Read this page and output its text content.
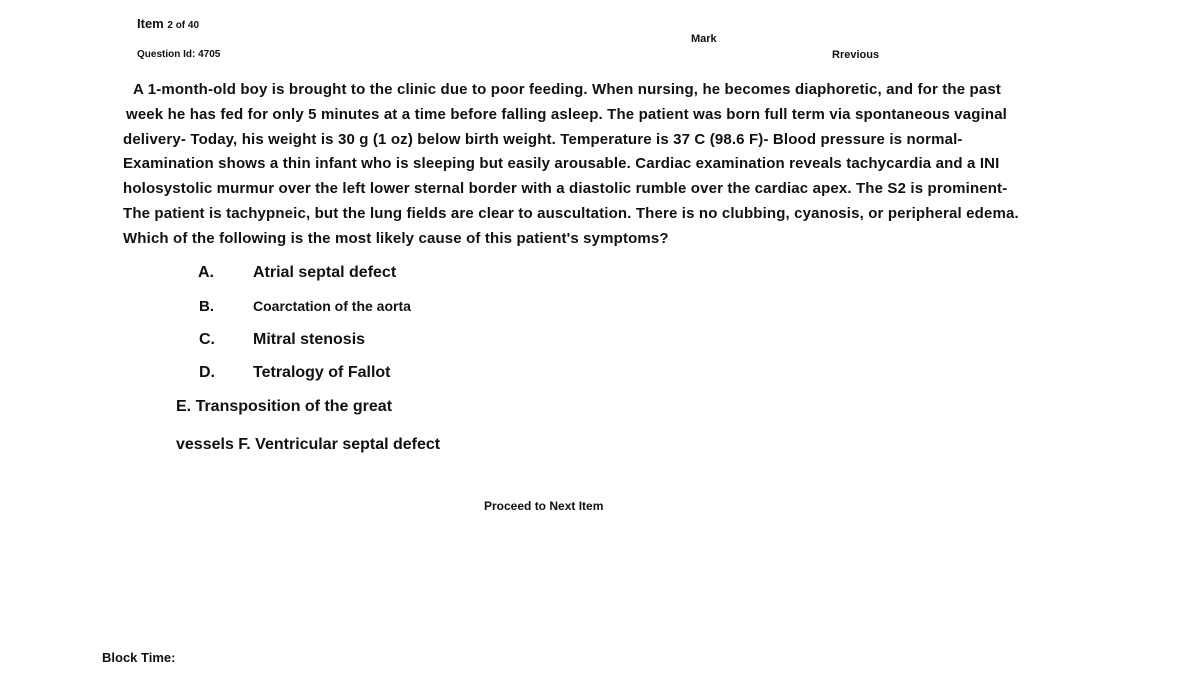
Item 2 of 40
Question Id: 4705
Mark
Rrevious
A 1-month-old boy is brought to the clinic due to poor feeding. When nursing, he becomes diaphoretic, and for the past
week he has fed for only 5 minutes at a time before falling asleep. The patient was born full term via spontaneous vaginal
delivery- Today, his weight is 30 g (1 oz) below birth weight. Temperature is 37 C (98.6 F)- Blood pressure is normal-
Examination shows a thin infant who is sleeping but easily arousable. Cardiac examination reveals tachycardia and a INI
holosystolic murmur over the left lower sternal border with a diastolic rumble over the cardiac apex. The S2 is prominent-
The patient is tachypneic, but the lung fields are clear to auscultation. There is no clubbing, cyanosis, or peripheral edema.
Which of the following is the most likely cause of this patient's symptoms?
A. Atrial septal defect
B.	Coarctation of the aorta
C. Mitral stenosis
D. Tetralogy of Fallot
E. Transposition of the great
vessels F. Ventricular septal defect
Proceed to Next Item
Block Time:
